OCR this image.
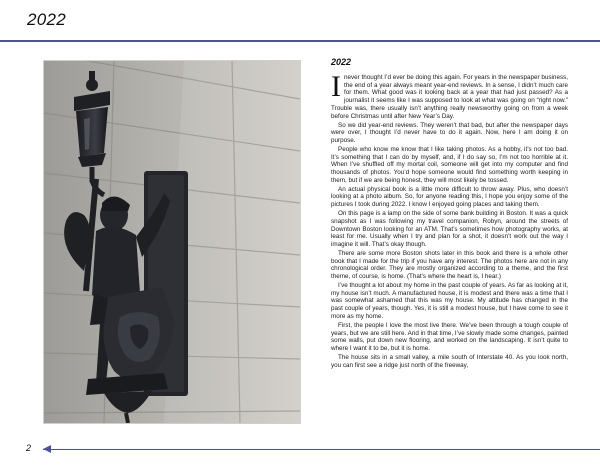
2022
2022

Inever thought I’d ever be doing this again. For years in the newspaper business, the end of a year always meant year-end reviews. In a sense, I didn’t much care for them. What good was it looking back at a year that had just passed? As a journalist it seems like I was supposed to look at what was going on “right now.” Trouble was, there usually isn’t anything really newsworthy going on from a week before Christmas until after New Year’s Day.

So we did year-end reviews. They weren’t that bad, but after the newspaper days were over, I thought I’d never have to do it again. Now, here I am doing it on purpose.

People who know me know that I like taking photos. As a hobby, it’s not too bad. It’s something that I can do by myself, and, if I do say so, I’m not too horrible at it. When I’ve shuffled off my mortal coil, someone will get into my computer and find thousands of photos. You’d hope someone would find something worth keeping in them, but if we are being honest, they will most likely be tossed.

An actual physical book is a little more difficult to throw away. Plus, who doesn’t looking at a photo album. So, for anyone reading this, I hope you enjoy some of the pictures I took during 2022. I know I enjoyed going places and taking them.

On this page is a lamp on the side of some bank building in Boston. It was a quick snapshot as I was following my travel companion, Robyn, around the streets of Downtown Boston looking for an ATM. That’s sometimes how photography works, at least for me. Usually when I try and plan for a shot, it doesn’t work out the way I imagine it will. That’s okay though.

There are some more Boston shots later in this book and there is a whole other book that I made for the trip if you have any interest. The photos here are not in any chronological order. They are mostly organized according to a theme, and the first theme, of course, is home. (That’s where the heart is, I hear.)

I’ve thought a lot about my home in the past couple of years. As far as looking at it, my house isn’t much. A manufactured house, it is modest and there was a time that I was somewhat ashamed that this was my house. My attitude has changed in the past couple of years, though. Yes, it is still a modest house, but I have come to see it more as my home.

First, the people I love the most live there. We’ve been through a tough couple of years, but we are still here. And in that time, I’ve slowly made some changes, painted some walls, put down new flooring, and worked on the landscaping. It isn’t quite to where I want it to be, but it is home.

The house sits in a small valley, a mile south of Interstate 40. As you look north, you can first see a ridge just north of the freeway,

2
